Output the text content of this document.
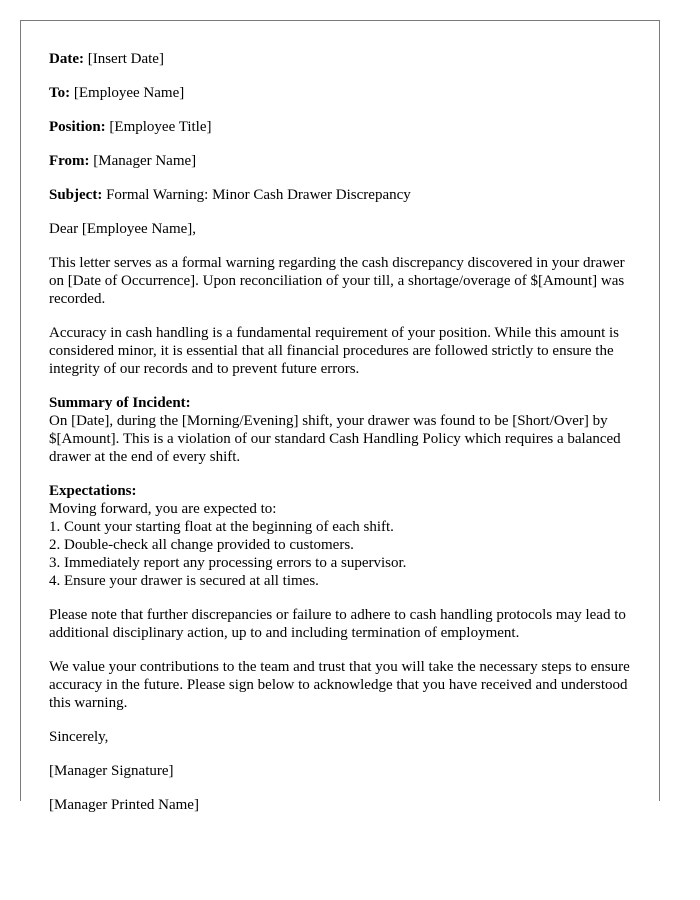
Date: [Insert Date]
To: [Employee Name]
Position: [Employee Title]
From: [Manager Name]
Subject: Formal Warning: Minor Cash Drawer Discrepancy

Dear [Employee Name],

This letter serves as a formal warning regarding the cash discrepancy discovered in your drawer on [Date of Occurrence]. Upon reconciliation of your till, a shortage/overage of $[Amount] was recorded.

Accuracy in cash handling is a fundamental requirement of your position. While this amount is considered minor, it is essential that all financial procedures are followed strictly to ensure the integrity of our records and to prevent future errors.

Summary of Incident:
On [Date], during the [Morning/Evening] shift, your drawer was found to be [Short/Over] by $[Amount]. This is a violation of our standard Cash Handling Policy which requires a balanced drawer at the end of every shift.
Expectations:
Moving forward, you are expected to:
1. Count your starting float at the beginning of each shift.
2. Double-check all change provided to customers.
3. Immediately report any processing errors to a supervisor.
4. Ensure your drawer is secured at all times.

Please note that further discrepancies or failure to adhere to cash handling protocols may lead to additional disciplinary action, up to and including termination of employment.

We value your contributions to the team and trust that you will take the necessary steps to ensure accuracy in the future. Please sign below to acknowledge that you have received and understood this warning.

Sincerely,

[Manager Signature]

[Manager Printed Name]
